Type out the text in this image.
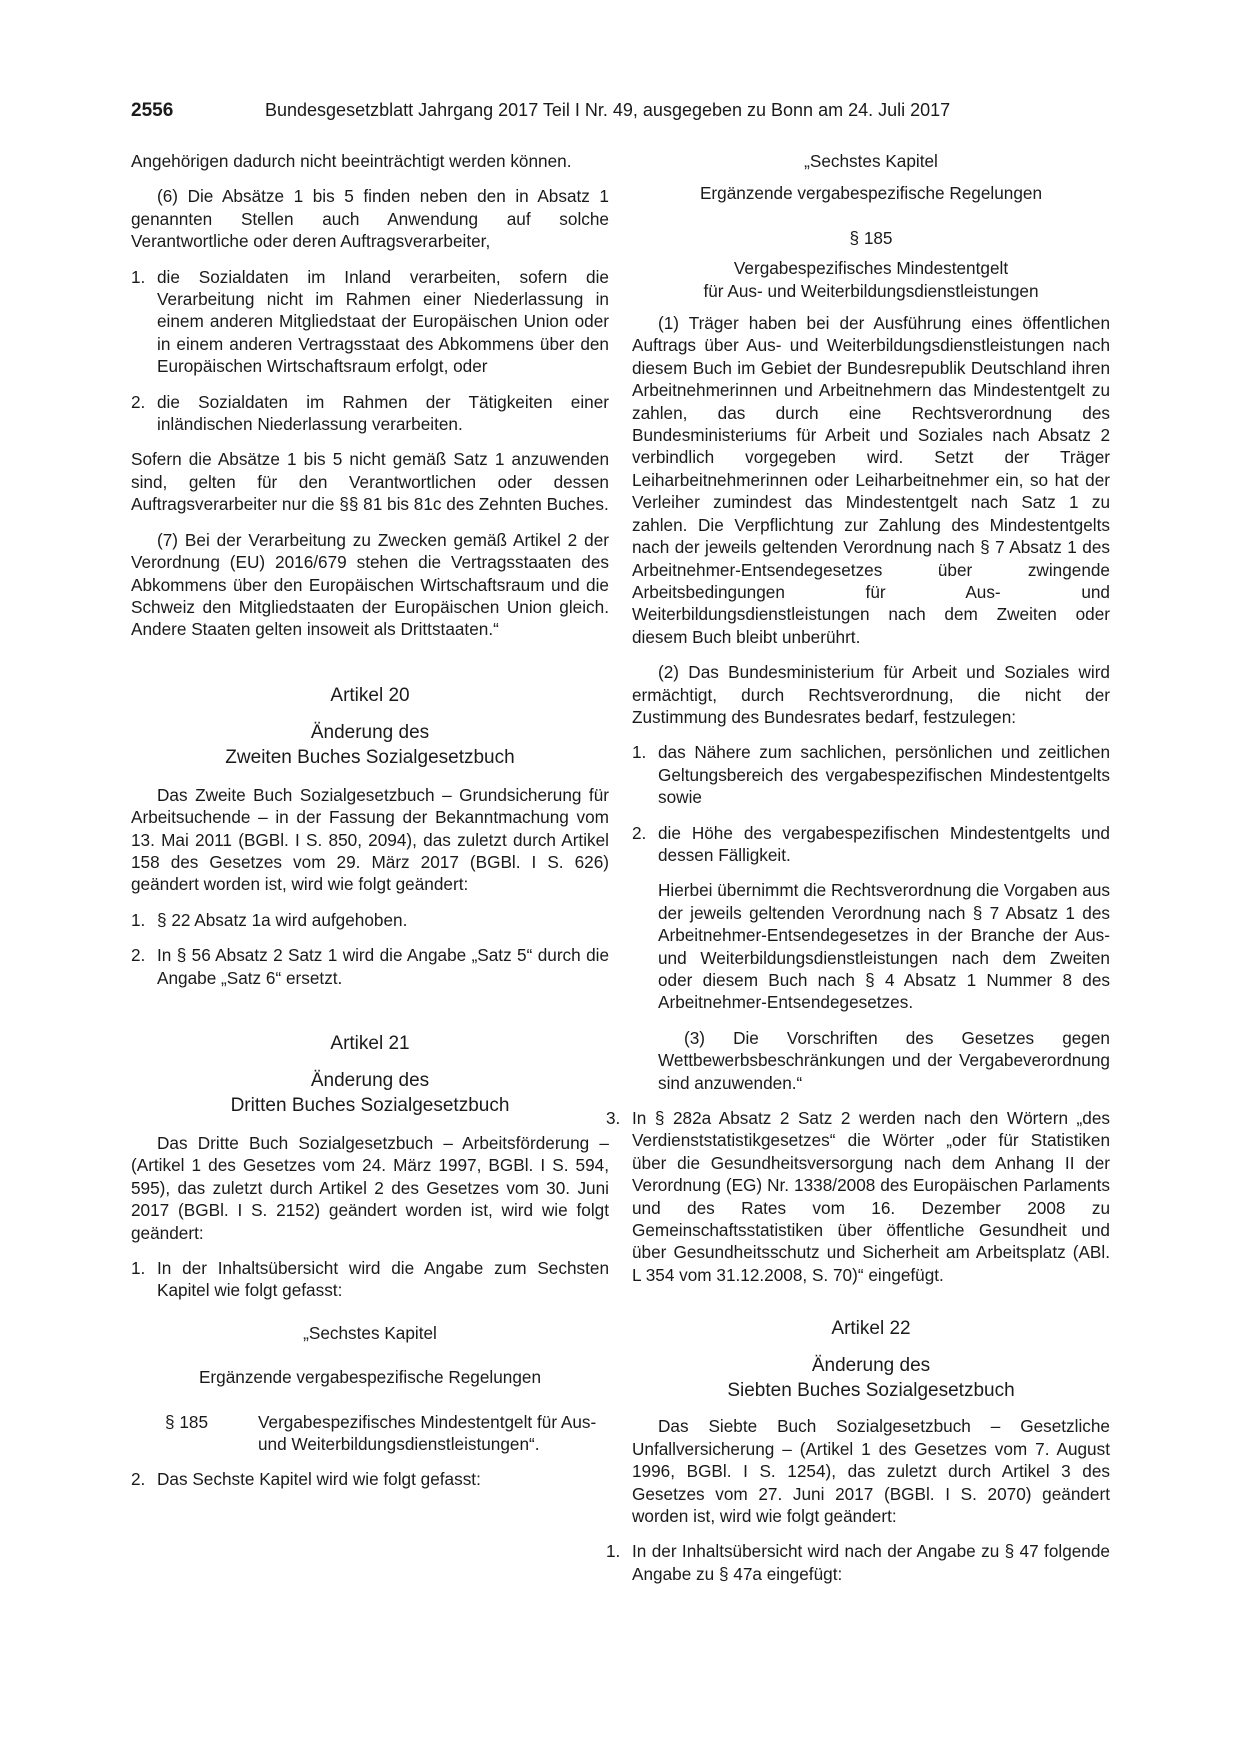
2556	Bundesgesetzblatt Jahrgang 2017 Teil I Nr. 49, ausgegeben zu Bonn am 24. Juli 2017

Angehörigen dadurch nicht beeinträchtigt werden können.

(6) Die Absätze 1 bis 5 finden neben den in Absatz 1 genannten Stellen auch Anwendung auf solche Verantwortliche oder deren Auftragsverarbeiter,

1. die Sozialdaten im Inland verarbeiten, sofern die Verarbeitung nicht im Rahmen einer Niederlassung in einem anderen Mitgliedstaat der Europäischen Union oder in einem anderen Vertragsstaat des Abkommens über den Europäischen Wirtschaftsraum erfolgt, oder
2. die Sozialdaten im Rahmen der Tätigkeiten einer inländischen Niederlassung verarbeiten.

Sofern die Absätze 1 bis 5 nicht gemäß Satz 1 anzuwenden sind, gelten für den Verantwortlichen oder dessen Auftragsverarbeiter nur die §§ 81 bis 81c des Zehnten Buches.

(7) Bei der Verarbeitung zu Zwecken gemäß Artikel 2 der Verordnung (EU) 2016/679 stehen die Vertragsstaaten des Abkommens über den Europäischen Wirtschaftsraum und die Schweiz den Mitgliedstaaten der Europäischen Union gleich. Andere Staaten gelten insoweit als Drittstaaten.“

Artikel 20
Änderung des
Zweiten Buches Sozialgesetzbuch

Das Zweite Buch Sozialgesetzbuch – Grundsicherung für Arbeitsuchende – in der Fassung der Bekanntmachung vom 13. Mai 2011 (BGBl. I S. 850, 2094), das zuletzt durch Artikel 158 des Gesetzes vom 29. März 2017 (BGBl. I S. 626) geändert worden ist, wird wie folgt geändert:

1. § 22 Absatz 1a wird aufgehoben.
2. In § 56 Absatz 2 Satz 1 wird die Angabe „Satz 5“ durch die Angabe „Satz 6“ ersetzt.
Artikel 21
Änderung des
Dritten Buches Sozialgesetzbuch

Das Dritte Buch Sozialgesetzbuch – Arbeitsförderung – (Artikel 1 des Gesetzes vom 24. März 1997, BGBl. I S. 594, 595), das zuletzt durch Artikel 2 des Gesetzes vom 30. Juni 2017 (BGBl. I S. 2152) geändert worden ist, wird wie folgt geändert:

1. In der Inhaltsübersicht wird die Angabe zum Sechsten Kapitel wie folgt gefasst:
„Sechstes Kapitel
Ergänzende vergabespezifische Regelungen
§ 185	Vergabespezifisches Mindestentgelt für Aus- und Weiterbildungsdienstleistungen“.
2. Das Sechste Kapitel wird wie folgt gefasst:
„Sechstes Kapitel
Ergänzende vergabespezifische Regelungen
§ 185
Vergabespezifisches Mindestentgelt
für Aus- und Weiterbildungsdienstleistungen

(1) Träger haben bei der Ausführung eines öffentlichen Auftrags über Aus- und Weiterbildungsdienstleistungen nach diesem Buch im Gebiet der Bundesrepublik Deutschland ihren Arbeitnehmerinnen und Arbeitnehmern das Mindestentgelt zu zahlen, das durch eine Rechtsverordnung des Bundesministeriums für Arbeit und Soziales nach Absatz 2 verbindlich vorgegeben wird. Setzt der Träger Leiharbeitnehmerinnen oder Leiharbeitnehmer ein, so hat der Verleiher zumindest das Mindestentgelt nach Satz 1 zu zahlen. Die Verpflichtung zur Zahlung des Mindestentgelts nach der jeweils geltenden Verordnung nach § 7 Absatz 1 des Arbeitnehmer-Entsendegesetzes über zwingende Arbeitsbedingungen für Aus- und Weiterbildungsdienstleistungen nach dem Zweiten oder diesem Buch bleibt unberührt.

(2) Das Bundesministerium für Arbeit und Soziales wird ermächtigt, durch Rechtsverordnung, die nicht der Zustimmung des Bundesrates bedarf, festzulegen:

1. das Nähere zum sachlichen, persönlichen und zeitlichen Geltungsbereich des vergabespezifischen Mindestentgelts sowie
2. die Höhe des vergabespezifischen Mindestentgelts und dessen Fälligkeit.

Hierbei übernimmt die Rechtsverordnung die Vorgaben aus der jeweils geltenden Verordnung nach § 7 Absatz 1 des Arbeitnehmer-Entsendegesetzes in der Branche der Aus- und Weiterbildungsdienstleistungen nach dem Zweiten oder diesem Buch nach § 4 Absatz 1 Nummer 8 des Arbeitnehmer-Entsendegesetzes.

(3) Die Vorschriften des Gesetzes gegen Wettbewerbsbeschränkungen und der Vergabeverordnung sind anzuwenden.“

3. In § 282a Absatz 2 Satz 2 werden nach den Wörtern „des Verdienststatistikgesetzes“ die Wörter „oder für Statistiken über die Gesundheitsversorgung nach dem Anhang II der Verordnung (EG) Nr. 1338/2008 des Europäischen Parlaments und des Rates vom 16. Dezember 2008 zu Gemeinschaftsstatistiken über öffentliche Gesundheit und über Gesundheitsschutz und Sicherheit am Arbeitsplatz (ABl. L 354 vom 31.12.2008, S. 70)“ eingefügt.
Artikel 22
Änderung des
Siebten Buches Sozialgesetzbuch

Das Siebte Buch Sozialgesetzbuch – Gesetzliche Unfallversicherung – (Artikel 1 des Gesetzes vom 7. August 1996, BGBl. I S. 1254), das zuletzt durch Artikel 3 des Gesetzes vom 27. Juni 2017 (BGBl. I S. 2070) geändert worden ist, wird wie folgt geändert:

1. In der Inhaltsübersicht wird nach der Angabe zu § 47 folgende Angabe zu § 47a eingefügt:
